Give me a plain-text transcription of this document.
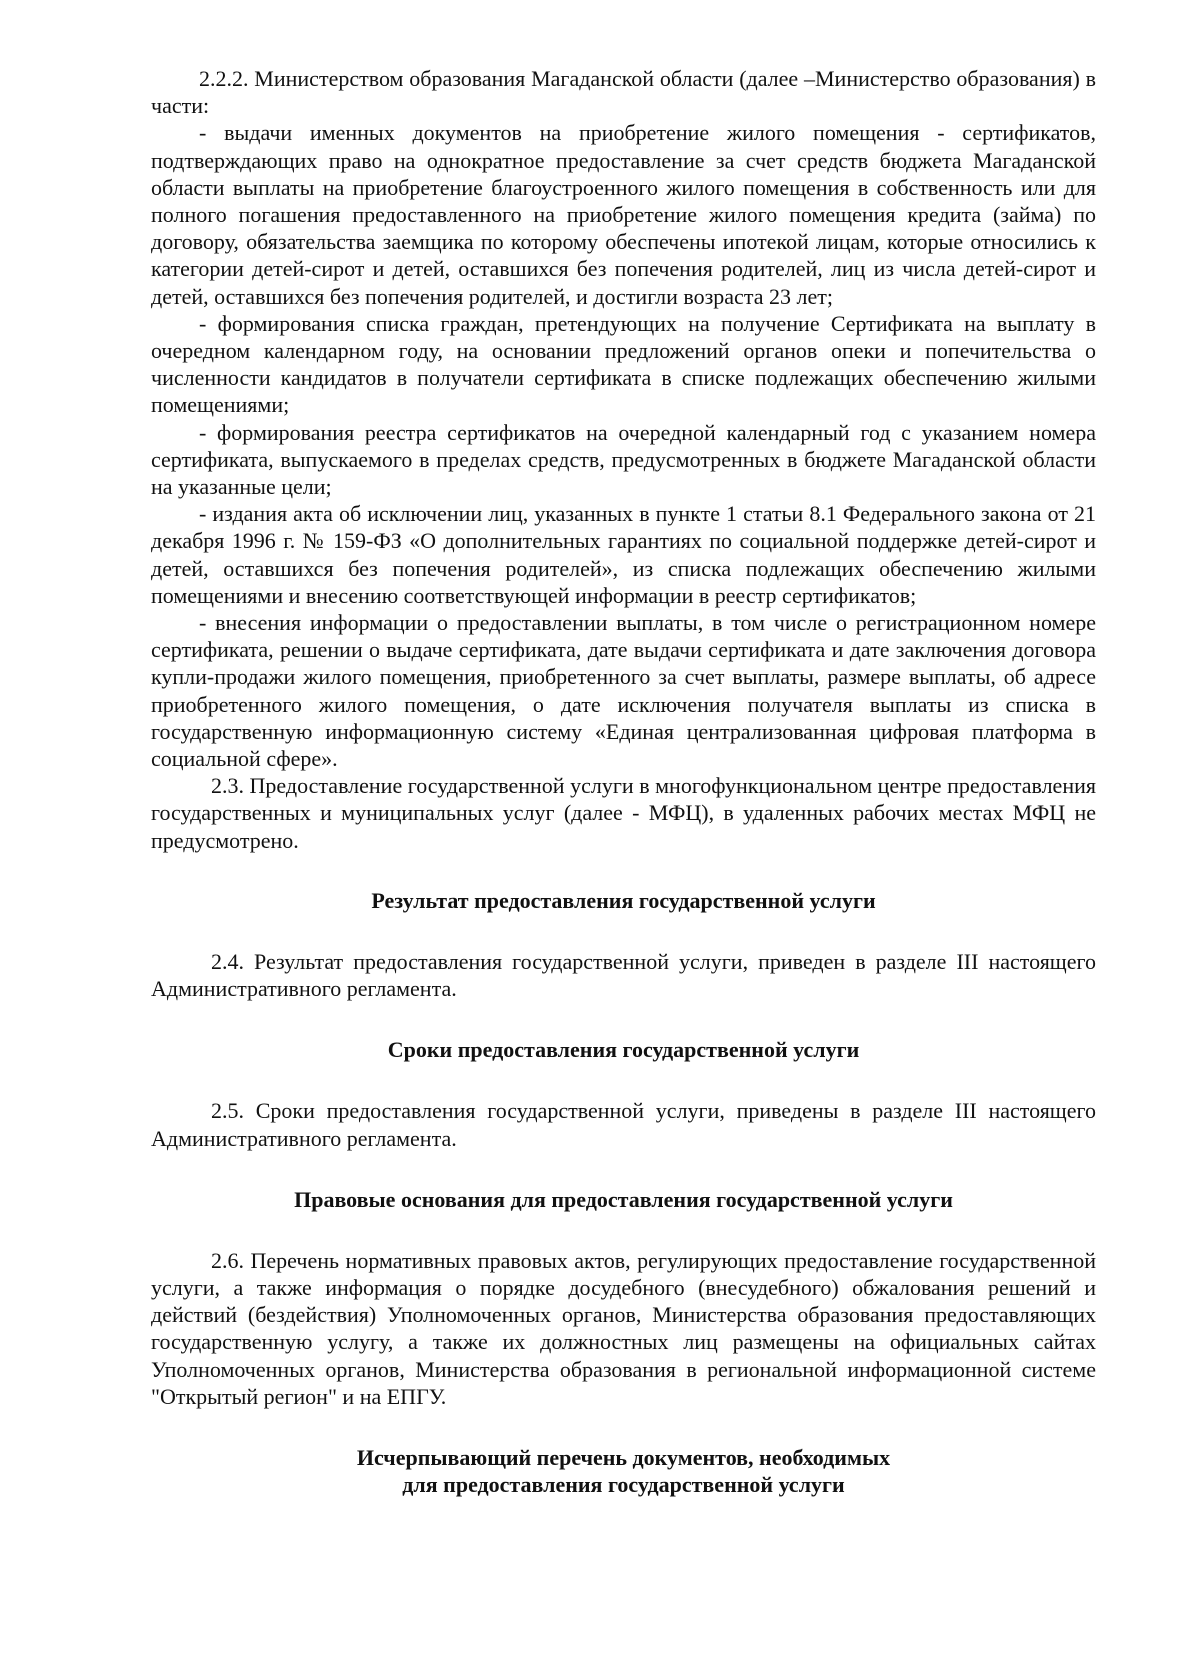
2.2.2. Министерством образования Магаданской области (далее –Министерство образования) в части:

- выдачи именных документов на приобретение жилого помещения - сертификатов, подтверждающих право на однократное предоставление за счет средств бюджета Магаданской области выплаты на приобретение благоустроенного жилого помещения в собственность или для полного погашения предоставленного на приобретение жилого помещения кредита (займа) по договору, обязательства заемщика по которому обеспечены ипотекой лицам, которые относились к категории детей-сирот и детей, оставшихся без попечения родителей, лиц из числа детей-сирот и детей, оставшихся без попечения родителей, и достигли возраста 23 лет;

- формирования списка граждан, претендующих на получение Сертификата на выплату в очередном календарном году, на основании предложений органов опеки и попечительства о численности кандидатов в получатели сертификата в списке подлежащих обеспечению жилыми помещениями;

- формирования реестра сертификатов на очередной календарный год с указанием номера сертификата, выпускаемого в пределах средств, предусмотренных в бюджете Магаданской области на указанные цели;

- издания акта об исключении лиц, указанных в пункте 1 статьи 8.1 Федерального закона от 21 декабря 1996 г. № 159-ФЗ «О дополнительных гарантиях по социальной поддержке детей-сирот и детей, оставшихся без попечения родителей», из списка подлежащих обеспечению жилыми помещениями и внесению соответствующей информации в реестр сертификатов;

- внесения информации о предоставлении выплаты, в том числе о регистрационном номере сертификата, решении о выдаче сертификата, дате выдачи сертификата и дате заключения договора купли-продажи жилого помещения, приобретенного за счет выплаты, размере выплаты, об адресе приобретенного жилого помещения, о дате исключения получателя выплаты из списка в государственную информационную систему «Единая централизованная цифровая платформа в социальной сфере».

2.3. Предоставление государственной услуги в многофункциональном центре предоставления государственных и муниципальных услуг (далее - МФЦ), в удаленных рабочих местах МФЦ не предусмотрено.

Результат предоставления государственной услуги

2.4. Результат предоставления государственной услуги, приведен в разделе III настоящего Административного регламента.

Сроки предоставления государственной услуги

2.5. Сроки предоставления государственной услуги, приведены в разделе III настоящего Административного регламента.

Правовые основания для предоставления государственной услуги

2.6. Перечень нормативных правовых актов, регулирующих предоставление государственной услуги, а также информация о порядке досудебного (внесудебного) обжалования решений и действий (бездействия) Уполномоченных органов, Министерства образования предоставляющих государственную услугу, а также их должностных лиц размещены на официальных сайтах Уполномоченных органов, Министерства образования в региональной информационной системе "Открытый регион" и на ЕПГУ.

Исчерпывающий перечень документов, необходимых
для предоставления государственной услуги
